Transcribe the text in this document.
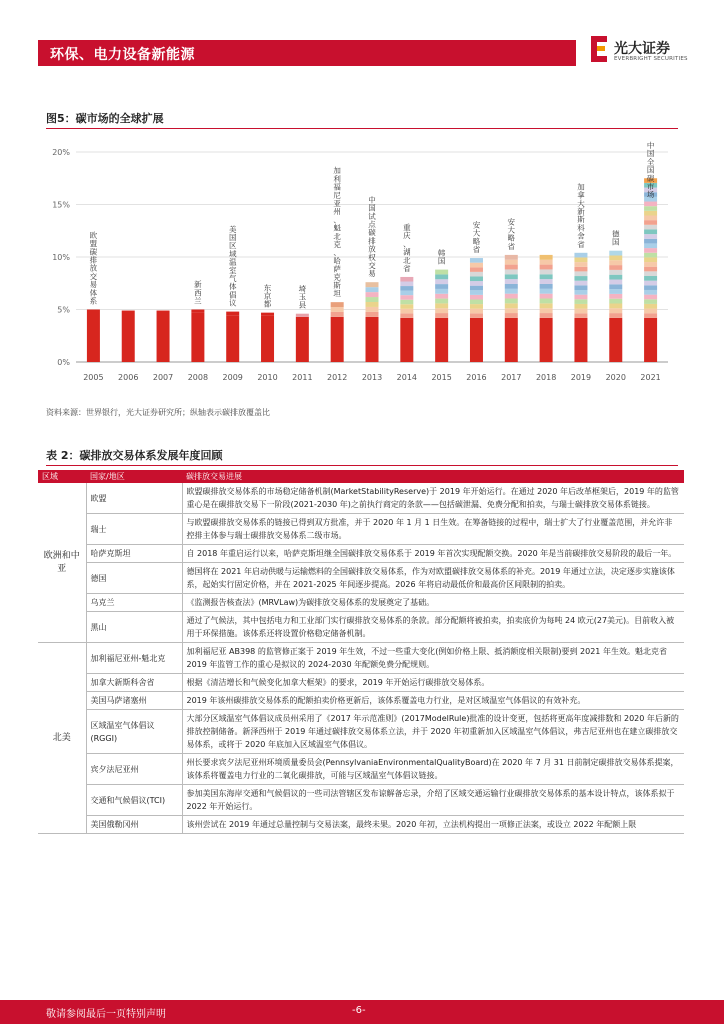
环保、电力设备新能源	光大证券
EVERBRIGHT SECURITIES
图5：碳市场的全球扩展
0%
5%
10%
15%
20%
2005 2006 2007 2008 2009 2010 2011 2012 2013 2014 2015 2016 2017 2018 2019 2020 2021
欧盟碳排放交易体系
新西兰
美国区域温室气体倡议
东京都
埼玉县
加利福尼亚州、魁北克、哈萨克斯坦
中国试点碳排放权交易
重庆、湖北省
韩国
安大略省
安大略省
加拿大新斯科舍省
德国
中国全国碳市场
资料来源：世界银行，光大证券研究所；纵轴表示碳排放覆盖比
表 2：碳排放交易体系发展年度回顾
区域	国家/地区	碳排放交易进展
欧洲和中亚	欧盟	欧盟碳排放交易体系的市场稳定储备机制(MarketStabilityReserve)于 2019 年开始运行。在通过 2020 年后改革框架后，2019 年的监管重心是在碳排放交易下一阶段(2021-2030 年)之前执行商定的条款——包括碳泄漏、免费分配和拍卖，与瑞士碳排放交易体系链接。
	瑞士	与欧盟碳排放交易体系的链接已得到双方批准，并于 2020 年 1 月 1 日生效。在筹备链接的过程中，瑞士扩大了行业覆盖范围，并允许非控排主体参与瑞士碳排放交易体系二级市场。
	哈萨克斯坦	自 2018 年重启运行以来，哈萨克斯坦继全国碳排放交易体系于 2019 年首次实现配额交换。2020 年是当前碳排放交易阶段的最后一年。
	德国	德国将在 2021 年启动供暖与运输燃料的全国碳排放交易体系，作为对欧盟碳排放交易体系的补充。2019 年通过立法，决定逐步实施该体系，起始实行固定价格，并在 2021-2025 年间逐步提高。2026 年将启动最低价和最高价区间限制的拍卖。
	乌克兰	《监测报告核查法》(MRVLaw)为碳排放交易体系的发展奠定了基础。
	黑山	通过了气候法，其中包括电力和工业部门实行碳排放交易体系的条款。部分配额将被拍卖，拍卖底价为每吨 24 欧元(27美元)。目前收入被用于环保措施。该体系还将设置价格稳定储备机制。
北美	加利福尼亚州-魁北克	加利福尼亚 AB398 的监管修正案于 2019 年生效，不过一些重大变化(例如价格上限、抵消额度相关限制)要到 2021 年生效。魁北克省 2019 年监管工作的重心是拟议的 2024-2030 年配额免费分配规则。
	加拿大新斯科舍省	根据《清洁增长和气候变化加拿大框架》的要求，2019 年开始运行碳排放交易体系。
	美国马萨诸塞州	2019 年该州碳排放交易体系的配额拍卖价格更新后，该体系覆盖电力行业，是对区域温室气体倡议的有效补充。
	区域温室气体倡议(RGGI)	大部分区域温室气体倡议成员州采用了《2017 年示范准则》(2017ModelRule)批准的设计变更，包括将更高年度减排数和 2020 年后新的排放控制储备。新泽西州于 2019 年通过碳排放交易体系立法，并于 2020 年初重新加入区域温室气体倡议，弗吉尼亚州也在建立碳排放交易体系，或将于 2020 年底加入区域温室气体倡议。
	宾夕法尼亚州	州长要求宾夕法尼亚州环境质量委员会(PennsylvaniaEnvironmentalQualityBoard)在 2020 年 7 月 31 日前制定碳排放交易体系提案，该体系将覆盖电力行业的二氧化碳排放，可能与区域温室气体倡议链接。
	交通和气候倡议(TCI)	参加美国东海岸交通和气候倡议的一些司法管辖区发布谅解备忘录，介绍了区域交通运输行业碳排放交易体系的基本设计特点，该体系拟于 2022 年开始运行。
	美国俄勒冈州	该州尝试在 2019 年通过总量控制与交易法案，最终未果。2020 年初，立法机构提出一项修正法案，或设立 2022 年配额上限
敬请参阅最后一页特别声明	-6-
